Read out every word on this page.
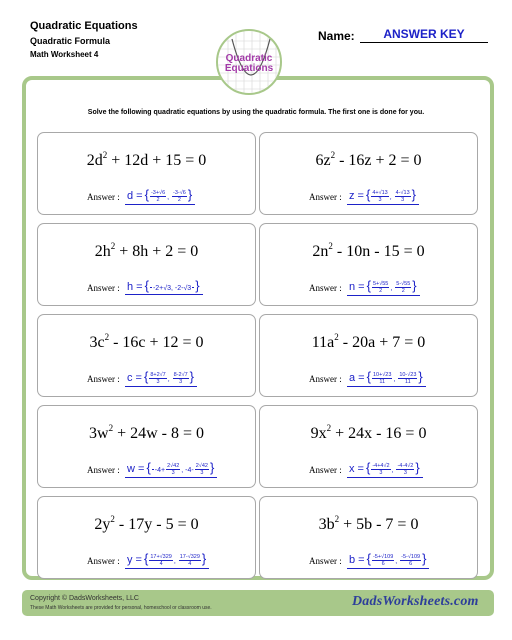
Quadratic Equations
Quadratic Formula
Math Worksheet 4
Name:	ANSWER KEY
Quadratic
Equations
Solve the following quadratic equations by using the quadratic formula. The first one is done for you.
$2d^2 + 12d + 15 = 0$
Answer : d = { $\frac{-3+√6}{2}$ , $\frac{-3-√6}{2}$ }
$6z^2 - 16z + 2 = 0$
Answer : z = { $\frac{4+√13}{3}$ , $\frac{4-√13}{3}$ }
$2h^2 + 8h + 2 = 0$
Answer : h = { -2+√3, -2-√3 }
$2n^2 - 10n - 15 = 0$
Answer : n = { $\frac{5+√55}{2}$ , $\frac{5-√55}{2}$ }
$3c^2 - 16c + 12 = 0$
Answer : c = { $\frac{8+2√7}{3}$ , $\frac{8-2√7}{3}$ }
$11a^2 - 20a + 7 = 0$
Answer : a = { $\frac{10+√23}{11}$ , $\frac{10-√23}{11}$ }
$3w^2 + 24w - 8 = 0$
Answer : w = { $-4+ \frac{2√42}{3}$ , $-4- \frac{2√42}{3}$ }
$9x^2 + 24x - 16 = 0$
Answer : x = { $\frac{-4+4√2}{3}$ , $\frac{-4-4√2}{3}$ }
$2y^2 - 17y - 5 = 0$
Answer : y = { $\frac{17+√329}{4}$ , $\frac{17-√329}{4}$ }
$3b^2 + 5b - 7 = 0$
Answer : b = { $\frac{-5+√109}{6}$ , $\frac{-5-√109}{6}$ }
Copyright © DadsWorksheets, LLC
These Math Worksheets are provided for personal, homeschool or classroom use.	DadsWorksheets.com
